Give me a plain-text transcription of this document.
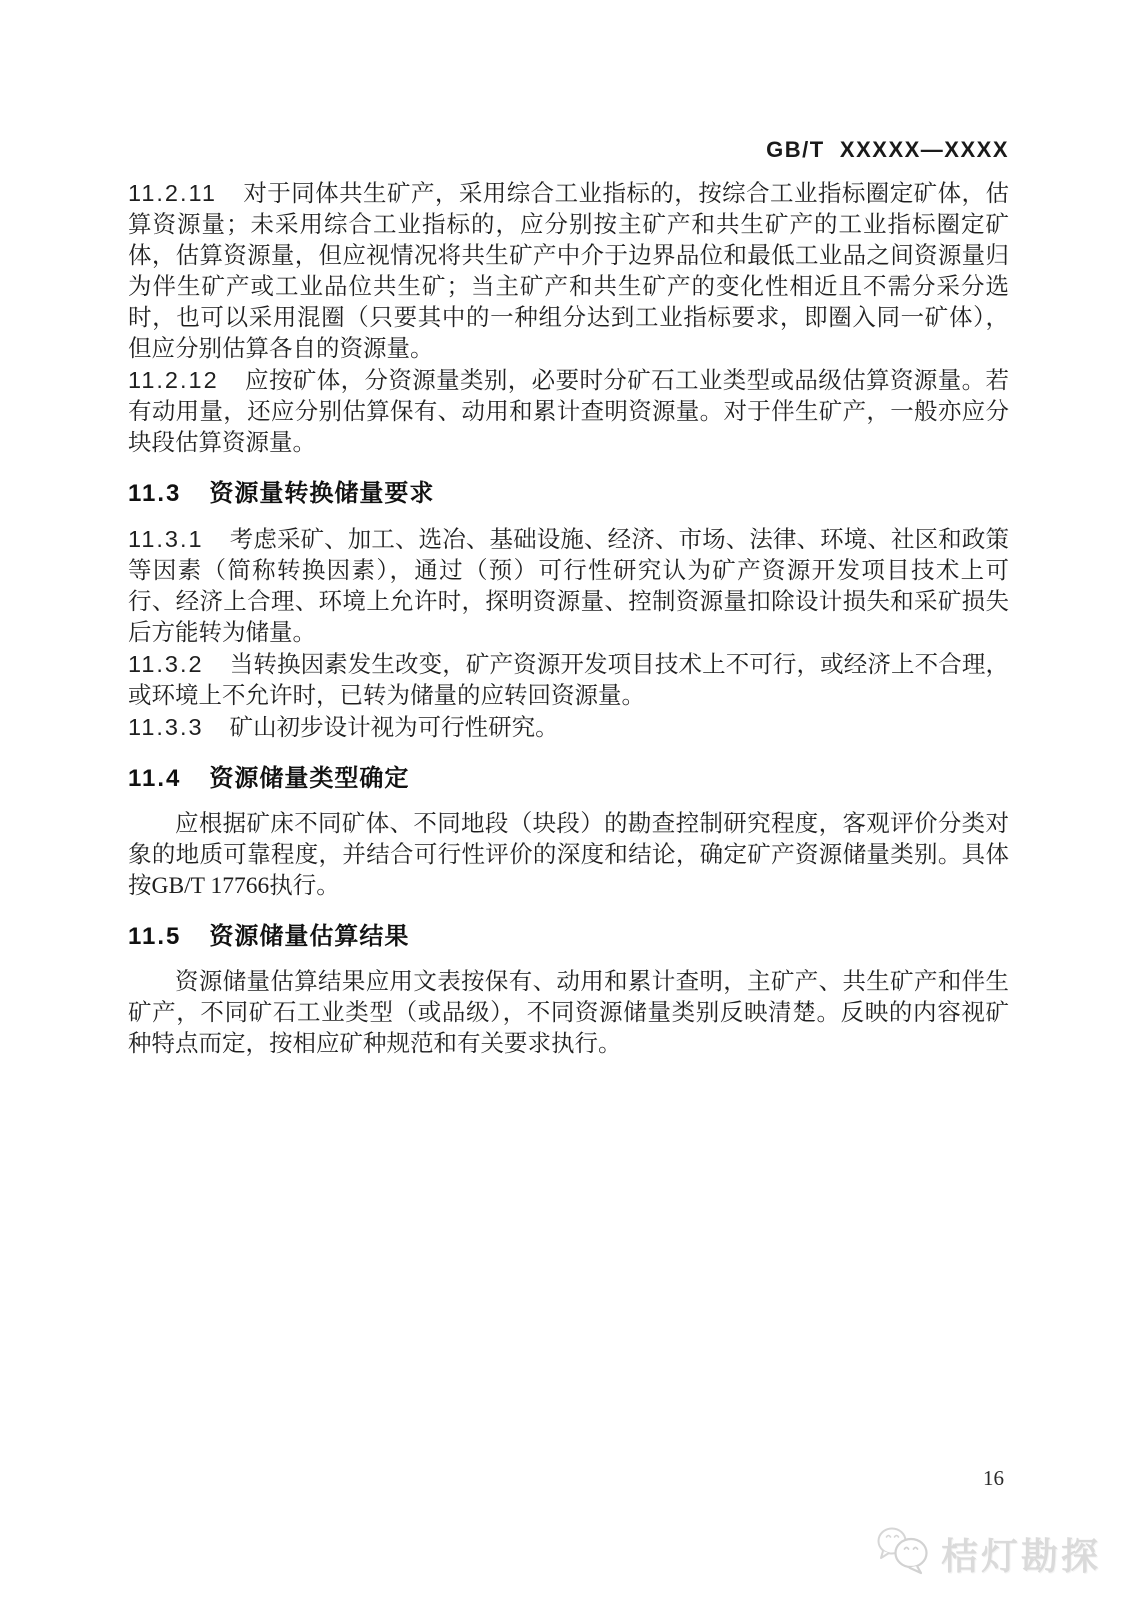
GB/T  XXXXX—XXXX

11.2.11 对于同体共生矿产，采用综合工业指标的，按综合工业指标圈定矿体，估算资源量；未采用综合工业指标的，应分别按主矿产和共生矿产的工业指标圈定矿体，估算资源量，但应视情况将共生矿产中介于边界品位和最低工业品之间资源量归为伴生矿产或工业品位共生矿；当主矿产和共生矿产的变化性相近且不需分采分选时，也可以采用混圈（只要其中的一种组分达到工业指标要求，即圈入同一矿体），但应分别估算各自的资源量。

11.2.12 应按矿体，分资源量类别，必要时分矿石工业类型或品级估算资源量。若有动用量，还应分别估算保有、动用和累计查明资源量。对于伴生矿产，一般亦应分块段估算资源量。

11.3 资源量转换储量要求

11.3.1 考虑采矿、加工、选冶、基础设施、经济、市场、法律、环境、社区和政策等因素（简称转换因素），通过（预）可行性研究认为矿产资源开发项目技术上可行、经济上合理、环境上允许时，探明资源量、控制资源量扣除设计损失和采矿损失后方能转为储量。

11.3.2 当转换因素发生改变，矿产资源开发项目技术上不可行，或经济上不合理，或环境上不允许时，已转为储量的应转回资源量。

11.3.3 矿山初步设计视为可行性研究。

11.4 资源储量类型确定

应根据矿床不同矿体、不同地段（块段）的勘查控制研究程度，客观评价分类对象的地质可靠程度，并结合可行性评价的深度和结论，确定矿产资源储量类别。具体按GB/T 17766执行。

11.5 资源储量估算结果

资源储量估算结果应用文表按保有、动用和累计查明，主矿产、共生矿产和伴生矿产，不同矿石工业类型（或品级），不同资源储量类别反映清楚。反映的内容视矿种特点而定，按相应矿种规范和有关要求执行。

16
桔灯勘探
